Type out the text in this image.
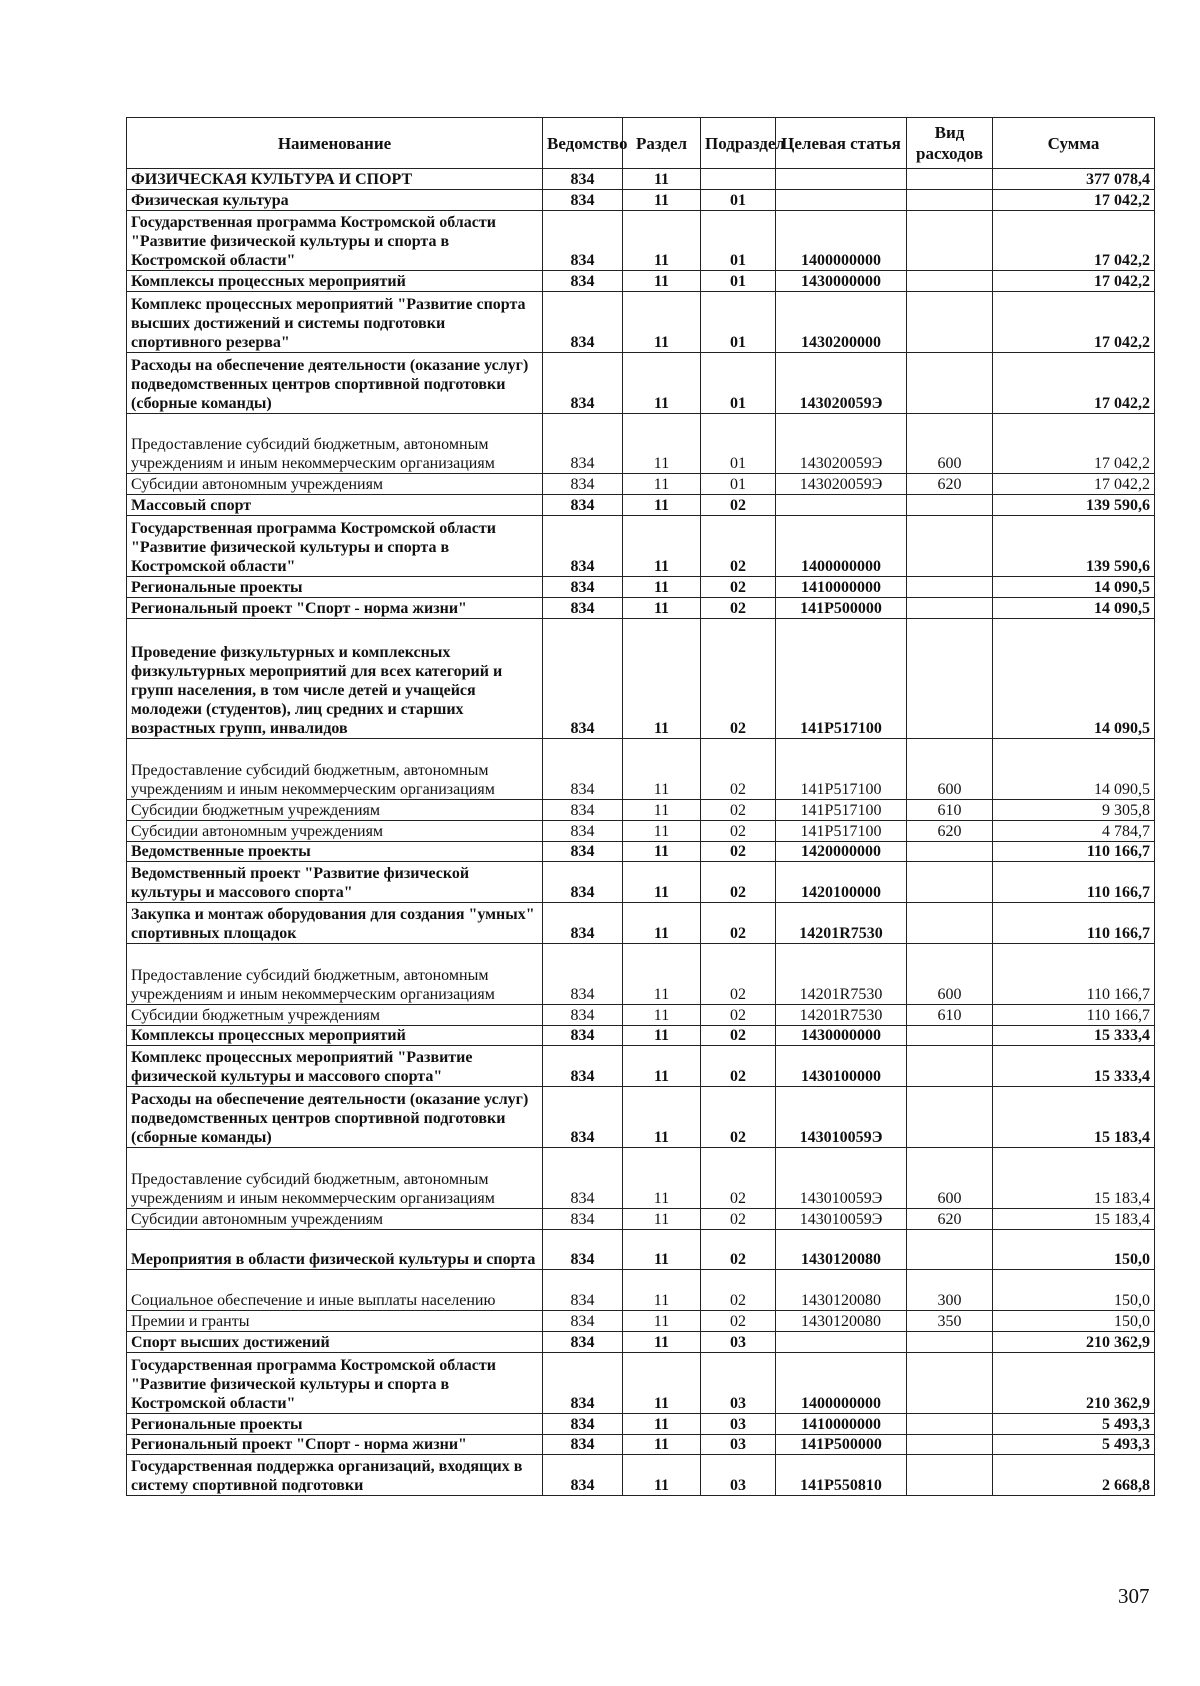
Наименование	Ведомство	Раздел	Подраздел	Целевая статья	Вид расходов	Сумма
ФИЗИЧЕСКАЯ КУЛЬТУРА И СПОРТ	834	11				377 078,4
Физическая культура	834	11	01			17 042,2
Государственная программа Костромской области "Развитие физической культуры и спорта в Костромской области"	834	11	01	1400000000		17 042,2
Комплексы процессных мероприятий	834	11	01	1430000000		17 042,2
Комплекс процессных мероприятий "Развитие спорта высших достижений и системы подготовки спортивного резерва"	834	11	01	1430200000		17 042,2
Расходы на обеспечение деятельности (оказание услуг) подведомственных центров спортивной подготовки (сборные команды)	834	11	01	143020059Э		17 042,2
Предоставление субсидий бюджетным, автономным учреждениям и иным некоммерческим организациям	834	11	01	143020059Э	600	17 042,2
Субсидии автономным учреждениям	834	11	01	143020059Э	620	17 042,2
Массовый спорт	834	11	02			139 590,6
Государственная программа Костромской области "Развитие физической культуры и спорта в Костромской области"	834	11	02	1400000000		139 590,6
Региональные проекты	834	11	02	1410000000		14 090,5
Региональный проект "Спорт - норма жизни"	834	11	02	141P500000		14 090,5
Проведение физкультурных и комплексных физкультурных мероприятий для всех категорий и групп населения, в том числе детей и учащейся молодежи (студентов), лиц средних и старших возрастных групп, инвалидов	834	11	02	141P517100		14 090,5
Предоставление субсидий бюджетным, автономным учреждениям и иным некоммерческим организациям	834	11	02	141P517100	600	14 090,5
Субсидии бюджетным учреждениям	834	11	02	141P517100	610	9 305,8
Субсидии автономным учреждениям	834	11	02	141P517100	620	4 784,7
Ведомственные проекты	834	11	02	1420000000		110 166,7
Ведомственный проект "Развитие физической культуры и массового спорта"	834	11	02	1420100000		110 166,7
Закупка и монтаж оборудования для создания "умных" спортивных площадок	834	11	02	14201R7530		110 166,7
Предоставление субсидий бюджетным, автономным учреждениям и иным некоммерческим организациям	834	11	02	14201R7530	600	110 166,7
Субсидии бюджетным учреждениям	834	11	02	14201R7530	610	110 166,7
Комплексы процессных мероприятий	834	11	02	1430000000		15 333,4
Комплекс процессных мероприятий "Развитие физической культуры и массового спорта"	834	11	02	1430100000		15 333,4
Расходы на обеспечение деятельности (оказание услуг) подведомственных центров спортивной подготовки (сборные команды)	834	11	02	143010059Э		15 183,4
Предоставление субсидий бюджетным, автономным учреждениям и иным некоммерческим организациям	834	11	02	143010059Э	600	15 183,4
Субсидии автономным учреждениям	834	11	02	143010059Э	620	15 183,4
Мероприятия в области физической культуры и спорта	834	11	02	1430120080		150,0
Социальное обеспечение и иные выплаты населению	834	11	02	1430120080	300	150,0
Премии и гранты	834	11	02	1430120080	350	150,0
Спорт высших достижений	834	11	03			210 362,9
Государственная программа Костромской области "Развитие физической культуры и спорта в Костромской области"	834	11	03	1400000000		210 362,9
Региональные проекты	834	11	03	1410000000		5 493,3
Региональный проект "Спорт - норма жизни"	834	11	03	141P500000		5 493,3
Государственная поддержка организаций, входящих в систему спортивной подготовки	834	11	03	141P550810		2 668,8
307
